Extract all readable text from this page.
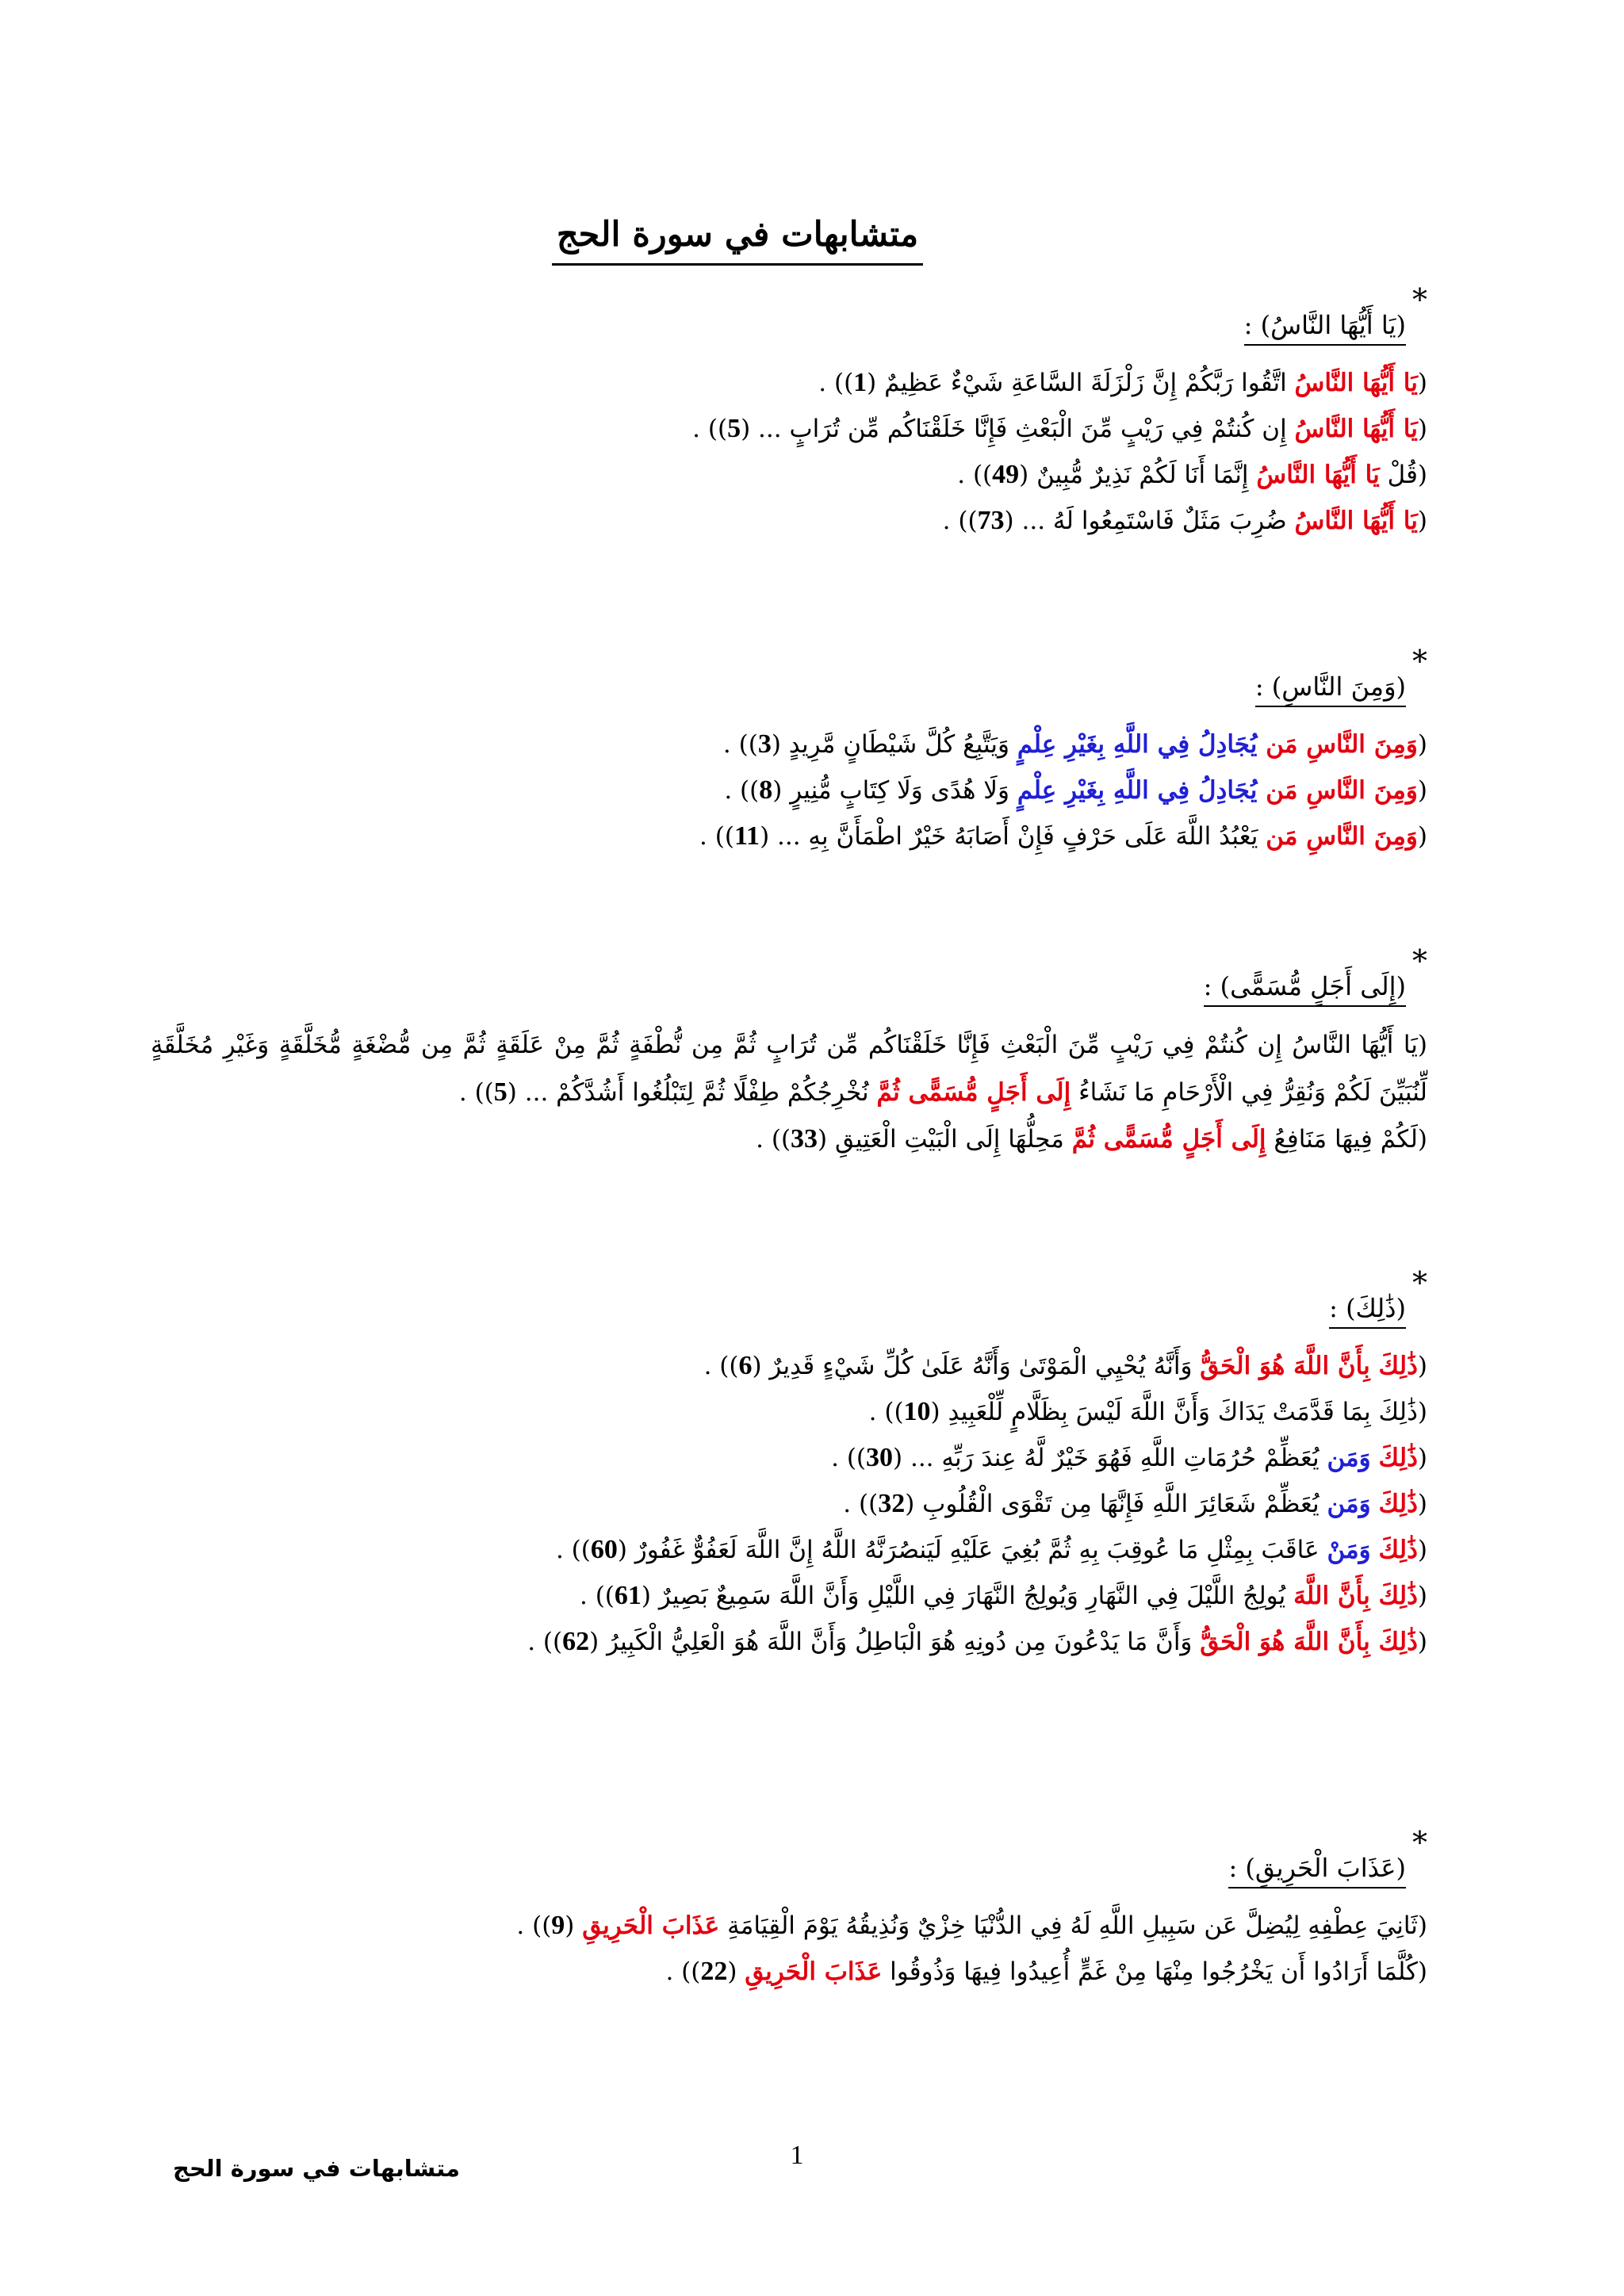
متشابهات في سورة الحج
*(يَا أَيُّهَا النَّاسُ) :
(يَا أَيُّهَا النَّاسُ اتَّقُوا رَبَّكُمْ إِنَّ زَلْزَلَةَ السَّاعَةِ شَيْءٌ عَظِيمٌ (1)) .
(يَا أَيُّهَا النَّاسُ إِن كُنتُمْ فِي رَيْبٍ مِّنَ الْبَعْثِ فَإِنَّا خَلَقْنَاكُم مِّن تُرَابٍ ... (5)) .
(قُلْ يَا أَيُّهَا النَّاسُ إِنَّمَا أَنَا لَكُمْ نَذِيرٌ مُّبِينٌ (49)) .
(يَا أَيُّهَا النَّاسُ ضُرِبَ مَثَلٌ فَاسْتَمِعُوا لَهُ ... (73)) .
*(وَمِنَ النَّاسِ) :
(وَمِنَ النَّاسِ مَن يُجَادِلُ فِي اللَّهِ بِغَيْرِ عِلْمٍ وَيَتَّبِعُ كُلَّ شَيْطَانٍ مَّرِيدٍ (3)) .
(وَمِنَ النَّاسِ مَن يُجَادِلُ فِي اللَّهِ بِغَيْرِ عِلْمٍ وَلَا هُدًى وَلَا كِتَابٍ مُّنِيرٍ (8)) .
(وَمِنَ النَّاسِ مَن يَعْبُدُ اللَّهَ عَلَى حَرْفٍ فَإِنْ أَصَابَهُ خَيْرٌ اطْمَأَنَّ بِهِ ... (11)) .
*(إِلَى أَجَلٍ مُّسَمًّى) :
(يَا أَيُّهَا النَّاسُ إِن كُنتُمْ فِي رَيْبٍ مِّنَ الْبَعْثِ فَإِنَّا خَلَقْنَاكُم مِّن تُرَابٍ ثُمَّ مِن نُّطْفَةٍ ثُمَّ مِنْ عَلَقَةٍ ثُمَّ مِن مُّضْغَةٍ مُّخَلَّقَةٍ وَغَيْرِ مُخَلَّقَةٍ لِّنُبَيِّنَ لَكُمْ وَنُقِرُّ فِي الْأَرْحَامِ مَا نَشَاءُ إِلَى أَجَلٍ مُّسَمًّى ثُمَّ نُخْرِجُكُمْ طِفْلًا ثُمَّ لِتَبْلُغُوا أَشُدَّكُمْ ... (5)) .
(لَكُمْ فِيهَا مَنَافِعُ إِلَى أَجَلٍ مُّسَمًّى ثُمَّ مَحِلُّهَا إِلَى الْبَيْتِ الْعَتِيقِ (33)) .
*(ذَٰلِكَ) :
(ذَٰلِكَ بِأَنَّ اللَّهَ هُوَ الْحَقُّ وَأَنَّهُ يُحْيِي الْمَوْتَىٰ وَأَنَّهُ عَلَىٰ كُلِّ شَيْءٍ قَدِيرٌ (6)) .
(ذَٰلِكَ بِمَا قَدَّمَتْ يَدَاكَ وَأَنَّ اللَّهَ لَيْسَ بِظَلَّامٍ لِّلْعَبِيدِ (10)) .
(ذَٰلِكَ وَمَن يُعَظِّمْ حُرُمَاتِ اللَّهِ فَهُوَ خَيْرٌ لَّهُ عِندَ رَبِّهِ ... (30)) .
(ذَٰلِكَ وَمَن يُعَظِّمْ شَعَائِرَ اللَّهِ فَإِنَّهَا مِن تَقْوَى الْقُلُوبِ (32)) .
(ذَٰلِكَ وَمَنْ عَاقَبَ بِمِثْلِ مَا عُوقِبَ بِهِ ثُمَّ بُغِيَ عَلَيْهِ لَيَنصُرَنَّهُ اللَّهُ إِنَّ اللَّهَ لَعَفُوٌّ غَفُورٌ (60)) .
(ذَٰلِكَ بِأَنَّ اللَّهَ يُولِجُ اللَّيْلَ فِي النَّهَارِ وَيُولِجُ النَّهَارَ فِي اللَّيْلِ وَأَنَّ اللَّهَ سَمِيعٌ بَصِيرٌ (61)) .
(ذَٰلِكَ بِأَنَّ اللَّهَ هُوَ الْحَقُّ وَأَنَّ مَا يَدْعُونَ مِن دُونِهِ هُوَ الْبَاطِلُ وَأَنَّ اللَّهَ هُوَ الْعَلِيُّ الْكَبِيرُ (62)) .
*(عَذَابَ الْحَرِيقِ) :
(ثَانِيَ عِطْفِهِ لِيُضِلَّ عَن سَبِيلِ اللَّهِ لَهُ فِي الدُّنْيَا خِزْيٌ وَنُذِيقُهُ يَوْمَ الْقِيَامَةِ عَذَابَ الْحَرِيقِ (9)) .
(كُلَّمَا أَرَادُوا أَن يَخْرُجُوا مِنْهَا مِنْ غَمٍّ أُعِيدُوا فِيهَا وَذُوقُوا عَذَابَ الْحَرِيقِ (22)) .
متشابهات في سورة الحج	1
